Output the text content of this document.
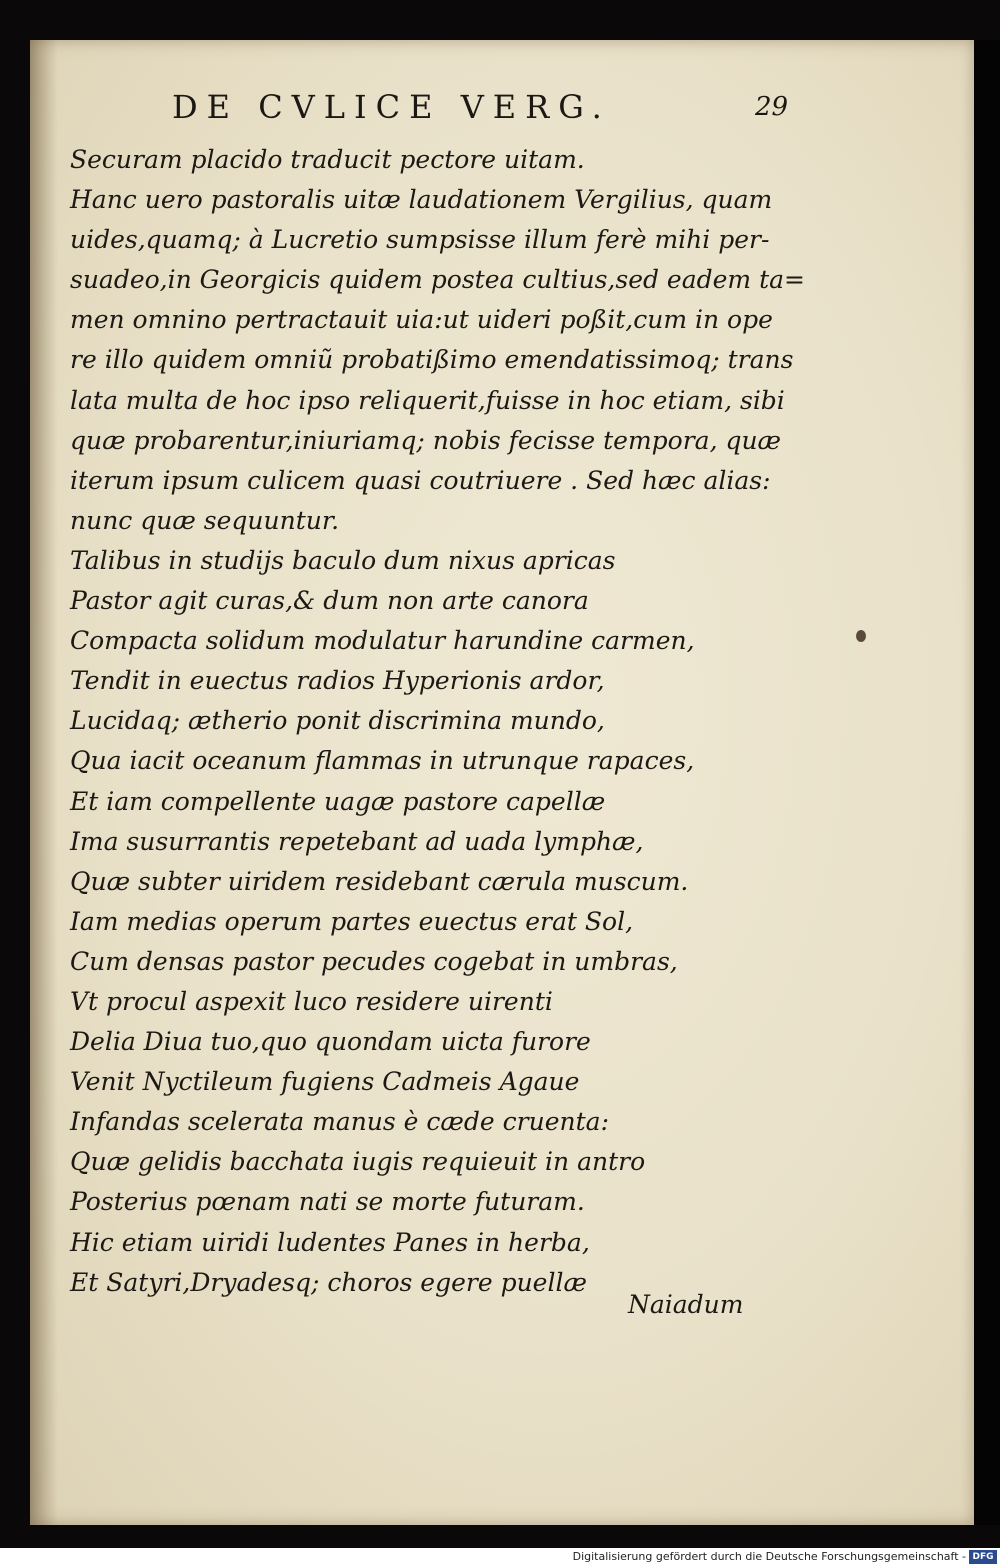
DE CVLICE VERG.	29
Securam placido traducit pectore uitam.
Hanc uero pastoralis uitæ laudationem Vergilius, quam
uides,quamq; à Lucretio sumpsisse illum ferè mihi per-
suadeo,in Georgicis quidem postea cultius,sed eadem ta=
men omnino pertractauit uia:ut uideri poßit,cum in ope
re illo quidem omniũ probatißimo emendatissimoq; trans
lata multa de hoc ipso reliquerit,fuisse in hoc etiam, sibi
quæ probarentur,iniuriamq; nobis fecisse tempora, quæ
iterum ipsum culicem quasi coutriuere . Sed hæc alias:
nunc quæ sequuntur.
Talibus in studijs baculo dum nixus apricas
Pastor agit curas,& dum non arte canora
Compacta solidum modulatur harundine carmen,
Tendit in euectus radios Hyperionis ardor,
Lucidaq; ætherio ponit discrimina mundo,
Qua iacit oceanum flammas in utrunque rapaces,
Et iam compellente uagæ pastore capellæ
Ima susurrantis repetebant ad uada lymphæ,
Quæ subter uiridem residebant cærula muscum.
Iam medias operum partes euectus erat Sol,
Cum densas pastor pecudes cogebat in umbras,
Vt procul aspexit luco residere uirenti
Delia Diua tuo,quo quondam uicta furore
Venit Nyctileum fugiens Cadmeis Agaue
Infandas scelerata manus è cæde cruenta:
Quæ gelidis bacchata iugis requieuit in antro
Posterius pœnam nati se morte futuram.
Hic etiam uiridi ludentes Panes in herba,
Et Satyri,Dryadesq; choros egere puellæ
Naiadum
Digitalisierung gefördert durch die Deutsche Forschungsgemeinschaft - DFG
